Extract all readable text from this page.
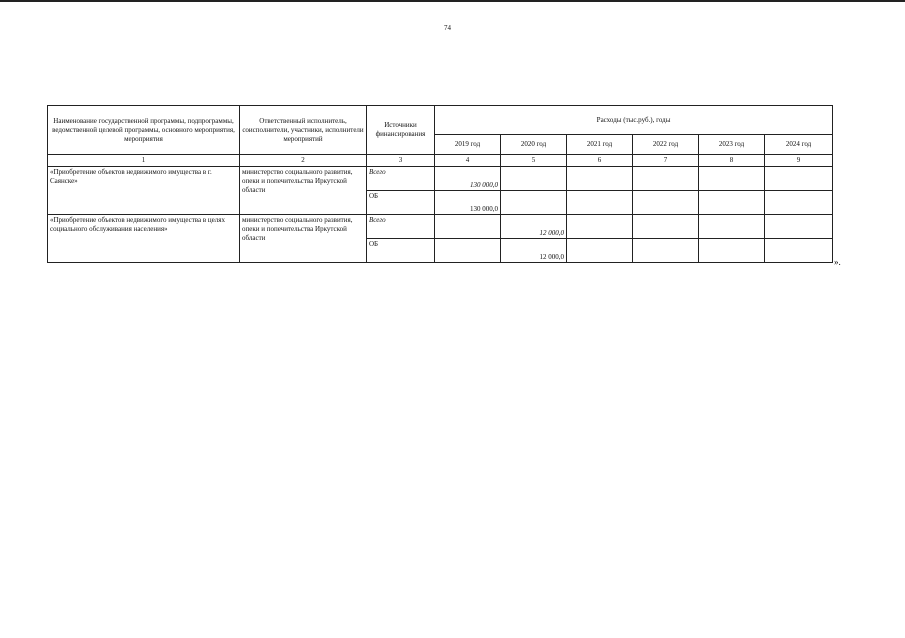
74
Наименование государственной программы, подпрограммы, ведомственной целевой программы, основного мероприятия, мероприятия	Ответственный исполнитель, соисполнители, участники, исполнители мероприятий	Источники финансирования	Расходы (тыс.руб.), годы					
			2019 год	2020 год	2021 год	2022 год	2023 год	2024 год
1	2	3	4	5	6	7	8	9
«Приобретение объектов недвижимого имущества в г. Саянске»	министерство социального развития, опеки и попечительства Иркутской области	Всего	130 000,0					
		ОБ	130 000,0					
«Приобретение объектов недвижимого имущества в целях социального обслуживания населения»	министерство социального развития, опеки и попечительства Иркутской области	Всего		12 000,0				
		ОБ		12 000,0					».
